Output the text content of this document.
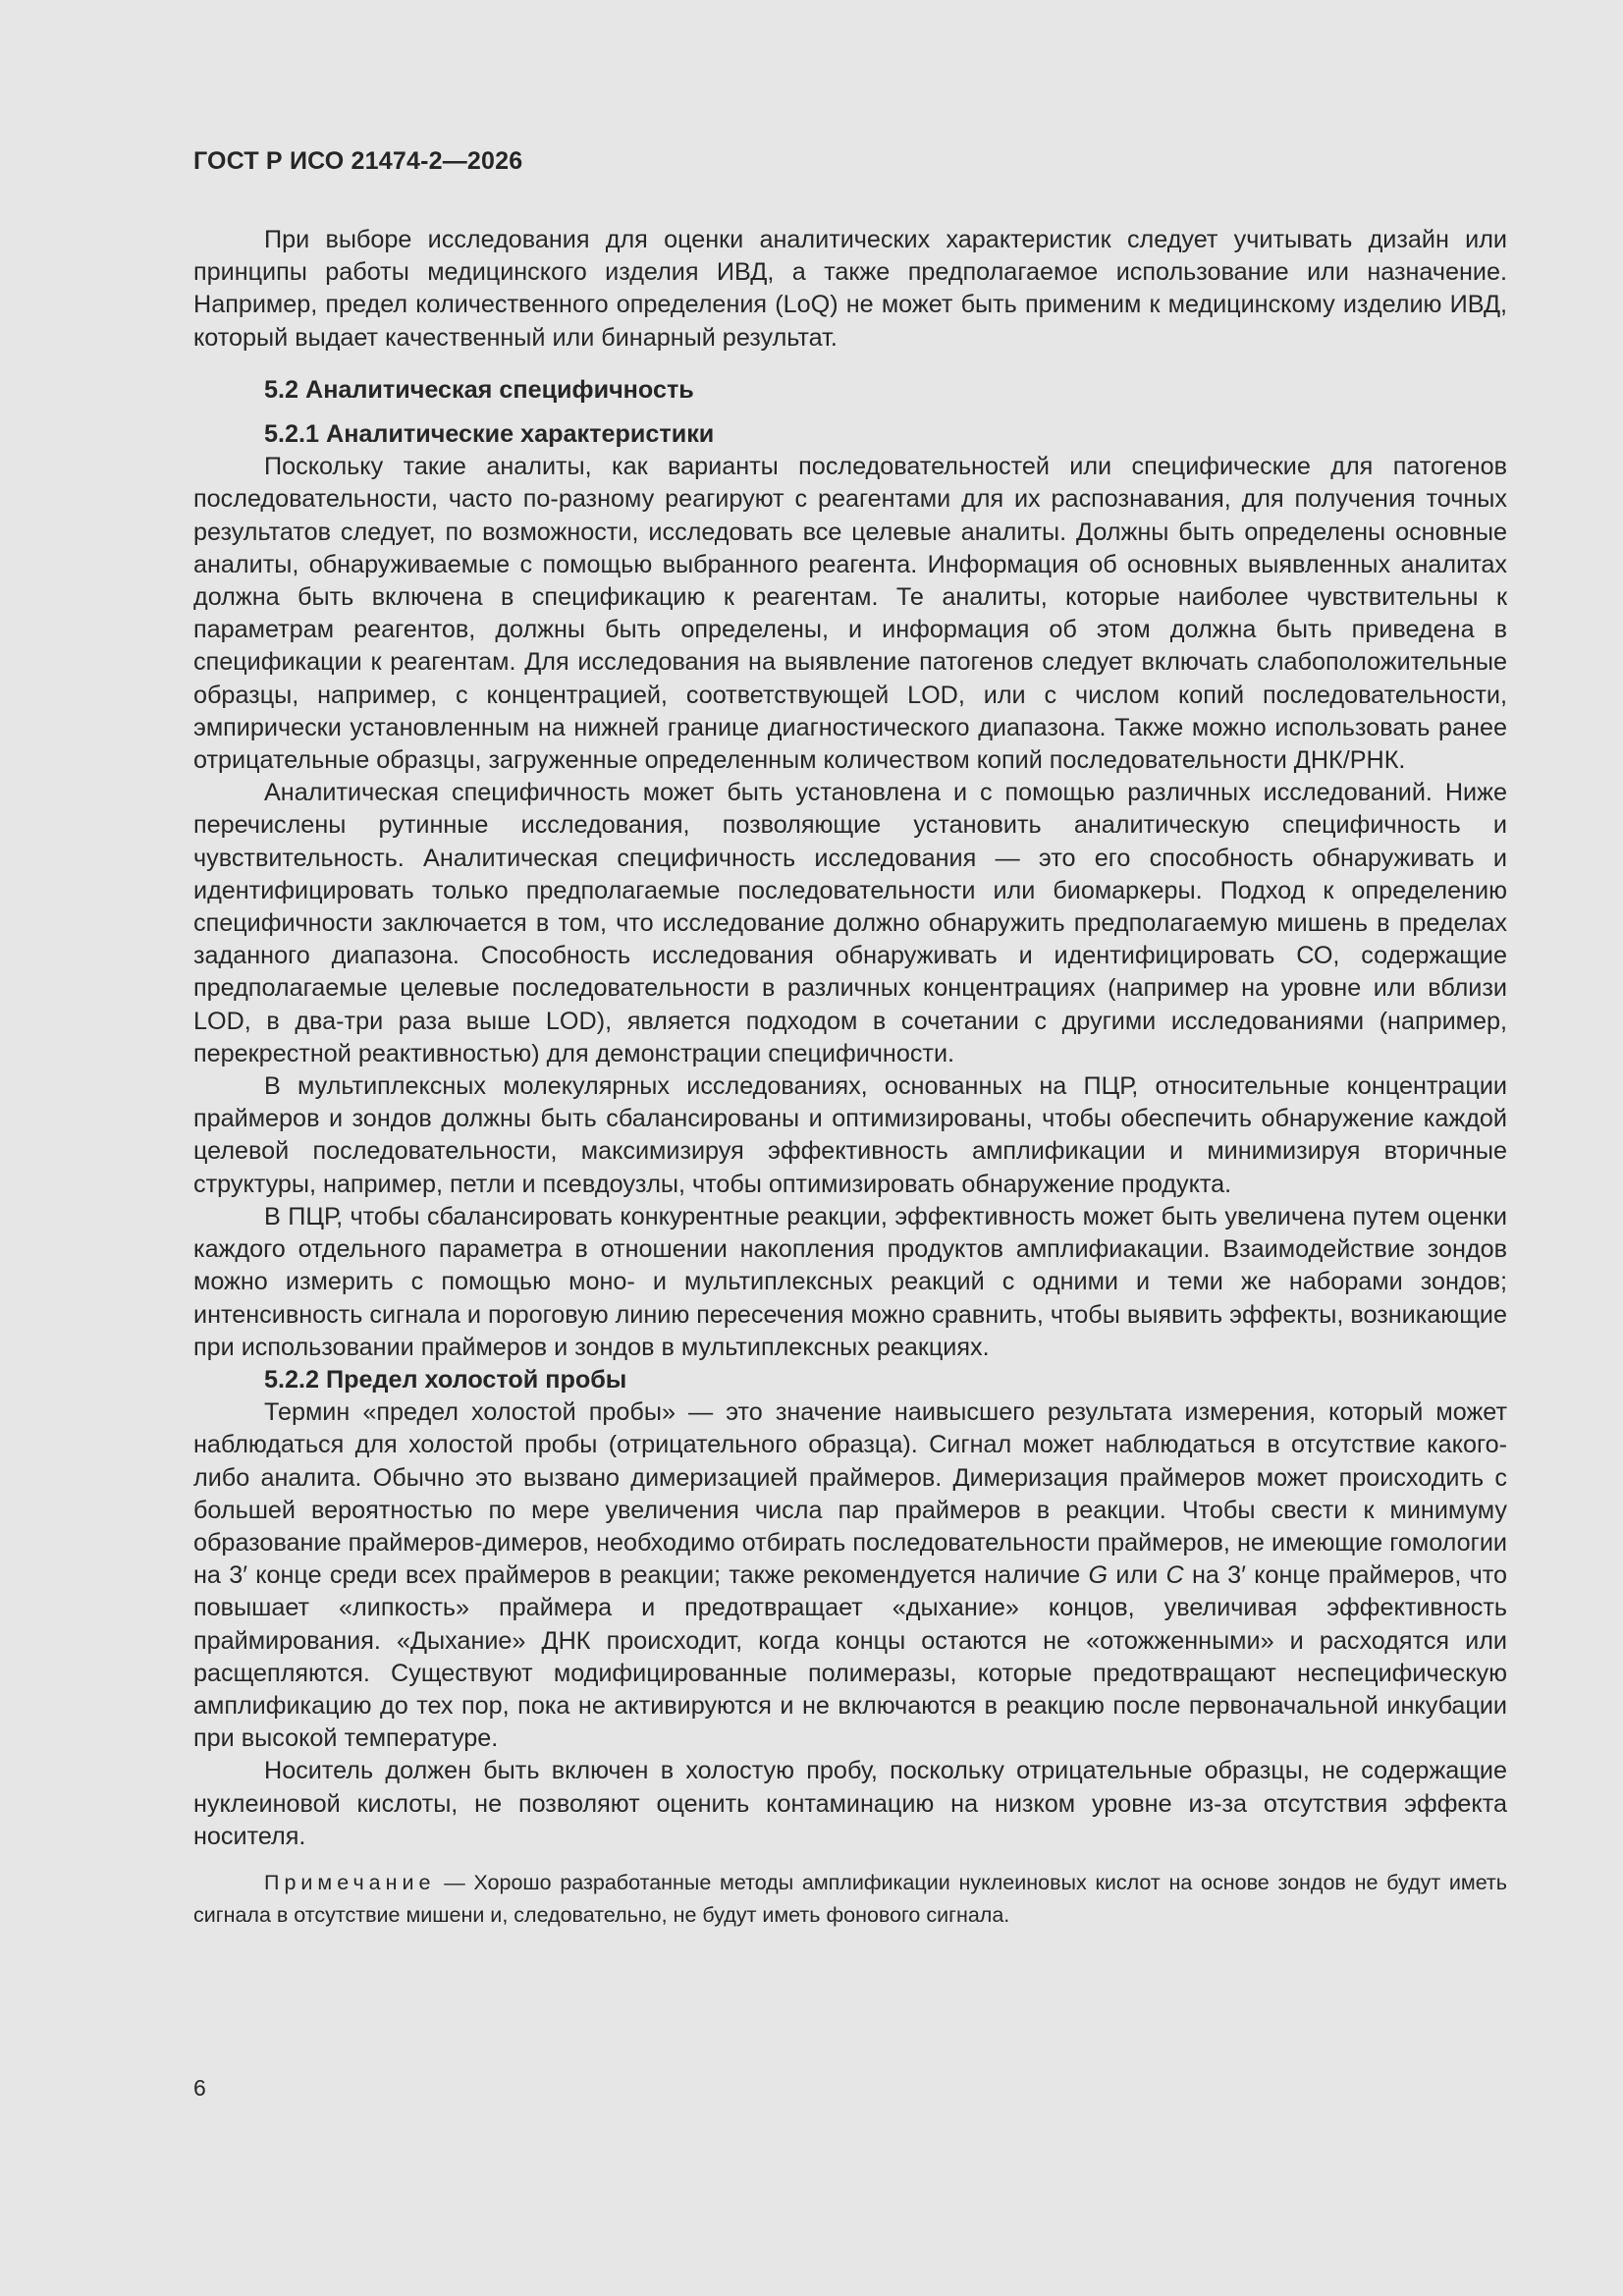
ГОСТ Р ИСО 21474-2—2026

При выборе исследования для оценки аналитических характеристик следует учитывать дизайн или принципы работы медицинского изделия ИВД, а также предполагаемое использование или назначение. Например, предел количественного определения (LoQ) не может быть применим к медицинскому изделию ИВД, который выдает качественный или бинарный результат.

5.2 Аналитическая специфичность
5.2.1 Аналитические характеристики

Поскольку такие аналиты, как варианты последовательностей или специфические для патогенов последовательности, часто по-разному реагируют с реагентами для их распознавания, для получения точных результатов следует, по возможности, исследовать все целевые аналиты. Должны быть определены основные аналиты, обнаруживаемые с помощью выбранного реагента. Информация об основных выявленных аналитах должна быть включена в спецификацию к реагентам. Те аналиты, которые наиболее чувствительны к параметрам реагентов, должны быть определены, и информация об этом должна быть приведена в спецификации к реагентам. Для исследования на выявление патогенов следует включать слабоположительные образцы, например, с концентрацией, соответствующей LOD, или с числом копий последовательности, эмпирически установленным на нижней границе диагностического диапазона. Также можно использовать ранее отрицательные образцы, загруженные определенным количеством копий последовательности ДНК/РНК.

Аналитическая специфичность может быть установлена и с помощью различных исследований. Ниже перечислены рутинные исследования, позволяющие установить аналитическую специфичность и чувствительность. Аналитическая специфичность исследования — это его способность обнаруживать и идентифицировать только предполагаемые последовательности или биомаркеры. Подход к определению специфичности заключается в том, что исследование должно обнаружить предполагаемую мишень в пределах заданного диапазона. Способность исследования обнаруживать и идентифицировать СО, содержащие предполагаемые целевые последовательности в различных концентрациях (например на уровне или вблизи LOD, в два-три раза выше LOD), является подходом в сочетании с другими исследованиями (например, перекрестной реактивностью) для демонстрации специфичности.

В мультиплексных молекулярных исследованиях, основанных на ПЦР, относительные концентрации праймеров и зондов должны быть сбалансированы и оптимизированы, чтобы обеспечить обнаружение каждой целевой последовательности, максимизируя эффективность амплификации и минимизируя вторичные структуры, например, петли и псевдоузлы, чтобы оптимизировать обнаружение продукта.

В ПЦР, чтобы сбалансировать конкурентные реакции, эффективность может быть увеличена путем оценки каждого отдельного параметра в отношении накопления продуктов амплифиакации. Взаимодействие зондов можно измерить с помощью моно- и мультиплексных реакций с одними и теми же наборами зондов; интенсивность сигнала и пороговую линию пересечения можно сравнить, чтобы выявить эффекты, возникающие при использовании праймеров и зондов в мультиплексных реакциях.

5.2.2 Предел холостой пробы

Термин «предел холостой пробы» — это значение наивысшего результата измерения, который может наблюдаться для холостой пробы (отрицательного образца). Сигнал может наблюдаться в отсутствие какого-либо аналита. Обычно это вызвано димеризацией праймеров. Димеризация праймеров может происходить с большей вероятностью по мере увеличения числа пар праймеров в реакции. Чтобы свести к минимуму образование праймеров-димеров, необходимо отбирать последовательности праймеров, не имеющие гомологии на 3′ конце среди всех праймеров в реакции; также рекомендуется наличие G или C на 3′ конце праймеров, что повышает «липкость» праймера и предотвращает «дыхание» концов, увеличивая эффективность праймирования. «Дыхание» ДНК происходит, когда концы остаются не «отожженными» и расходятся или расщепляются. Существуют модифицированные полимеразы, которые предотвращают неспецифическую амплификацию до тех пор, пока не активируются и не включаются в реакцию после первоначальной инкубации при высокой температуре.

Носитель должен быть включен в холостую пробу, поскольку отрицательные образцы, не содержащие нуклеиновой кислоты, не позволяют оценить контаминацию на низком уровне из-за отсутствия эффекта носителя.

Примечание — Хорошо разработанные методы амплификации нуклеиновых кислот на основе зондов не будут иметь сигнала в отсутствие мишени и, следовательно, не будут иметь фонового сигнала.

6
